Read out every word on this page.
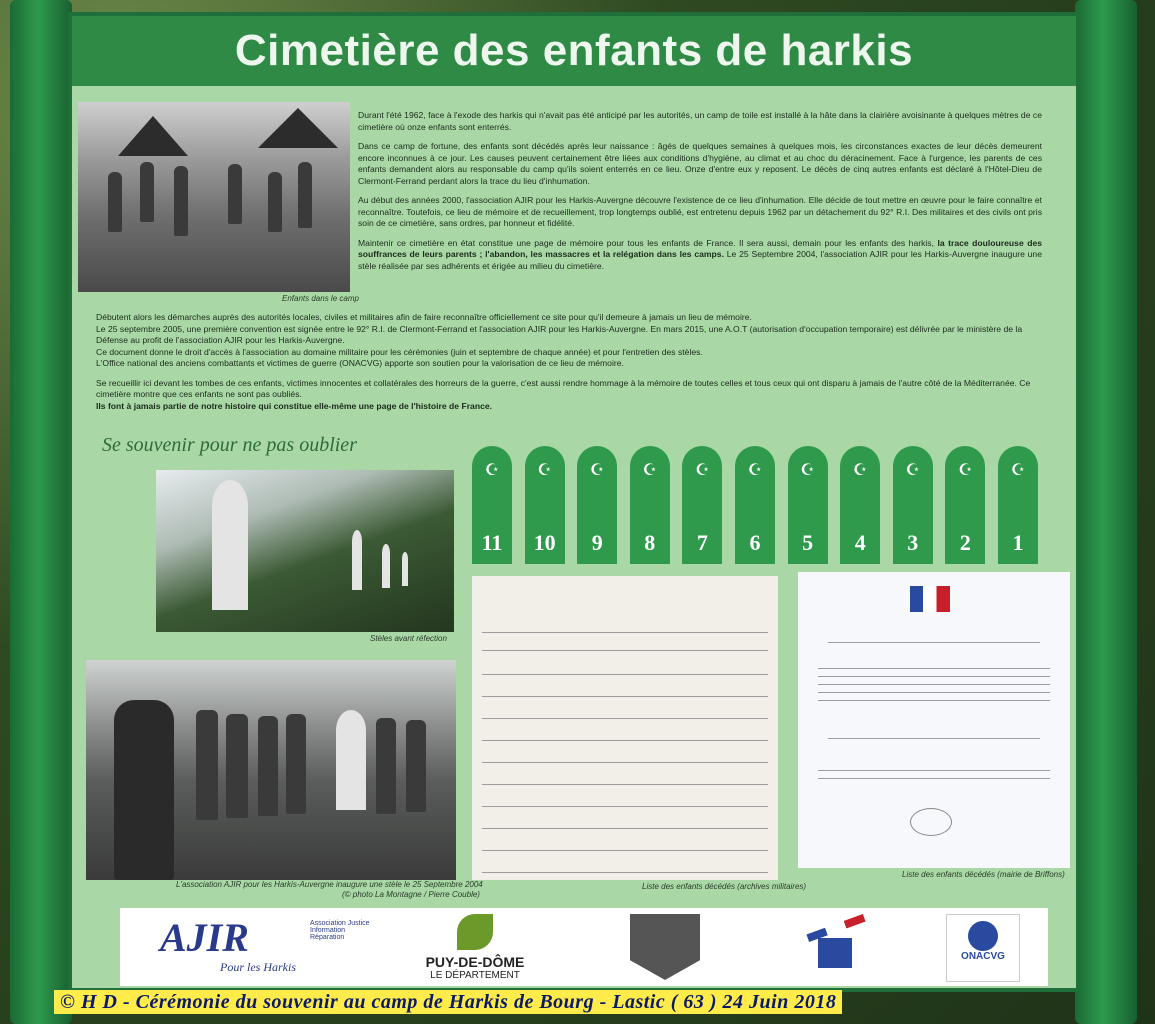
Cimetière des enfants de harkis
Enfants dans le camp

Durant l'été 1962, face à l'exode des harkis qui n'avait pas été anticipé par les autorités, un camp de toile est installé à la hâte dans la clairière avoisinante à quelques mètres de ce cimetière où onze enfants sont enterrés.

Dans ce camp de fortune, des enfants sont décédés après leur naissance : âgés de quelques semaines à quelques mois, les circonstances exactes de leur décès demeurent encore inconnues à ce jour. Les causes peuvent certainement être liées aux conditions d'hygiène, au climat et au choc du déracinement. Face à l'urgence, les parents de ces enfants demandent alors au responsable du camp qu'ils soient enterrés en ce lieu. Onze d'entre eux y reposent. Le décès de cinq autres enfants est déclaré à l'Hôtel-Dieu de Clermont-Ferrand perdant alors la trace du lieu d'inhumation.

Au début des années 2000, l'association AJIR pour les Harkis-Auvergne découvre l'existence de ce lieu d'inhumation. Elle décide de tout mettre en œuvre pour le faire connaître et reconnaître. Toutefois, ce lieu de mémoire et de recueillement, trop longtemps oublié, est entretenu depuis 1962 par un détachement du 92° R.I. Des militaires et des civils ont pris soin de ce cimetière, sans ordres, par honneur et fidélité.

Maintenir ce cimetière en état constitue une page de mémoire pour tous les enfants de France. Il sera aussi, demain pour les enfants des harkis, la trace douloureuse des souffrances de leurs parents ; l'abandon, les massacres et la relégation dans les camps. Le 25 Septembre 2004, l'association AJIR pour les Harkis-Auvergne inaugure une stèle réalisée par ses adhérents et érigée au milieu du cimetière.

Débutent alors les démarches auprès des autorités locales, civiles et militaires afin de faire reconnaître officiellement ce site pour qu'il demeure à jamais un lieu de mémoire.
Le 25 septembre 2005, une première convention est signée entre le 92° R.I. de Clermont-Ferrand et l'association AJIR pour les Harkis-Auvergne. En mars 2015, une A.O.T (autorisation d'occupation temporaire) est délivrée par le ministère de la Défense au profit de l'association AJIR pour les Harkis-Auvergne.
Ce document donne le droit d'accès à l'association au domaine militaire pour les cérémonies (juin et septembre de chaque année) et pour l'entretien des stèles.
L'Office national des anciens combattants et victimes de guerre (ONACVG) apporte son soutien pour la valorisation de ce lieu de mémoire.
Se recueillir ici devant les tombes de ces enfants, victimes innocentes et collatérales des horreurs de la guerre, c'est aussi rendre hommage à la mémoire de toutes celles et tous ceux qui ont disparu à jamais de l'autre côté de la Méditerranée. Ce cimetière montre que ces enfants ne sont pas oubliés.
Ils font à jamais partie de notre histoire qui constitue elle-même une page de l'histoire de France.
Se souvenir pour ne pas oublier
☪
11
☪
10
☪
9
☪
8
☪
7
☪
6
☪
5
☪
4
☪
3
☪
2
☪
1
Stèles avant réfection
L'association AJIR pour les Harkis-Auvergne inaugure une stèle le 25 Septembre 2004
(© photo La Montagne / Pierre Couble)
Liste des enfants décédés (archives militaires)
Liste des enfants décédés (mairie de Briffons)
AJIR	Association Justice Information Réparation
Pour les Harkis	PUY-DE-DÔME
LE DÉPARTEMENT
ONACVG
© H D - Cérémonie du souvenir au camp de Harkis de Bourg - Lastic ( 63 ) 24 Juin 2018
